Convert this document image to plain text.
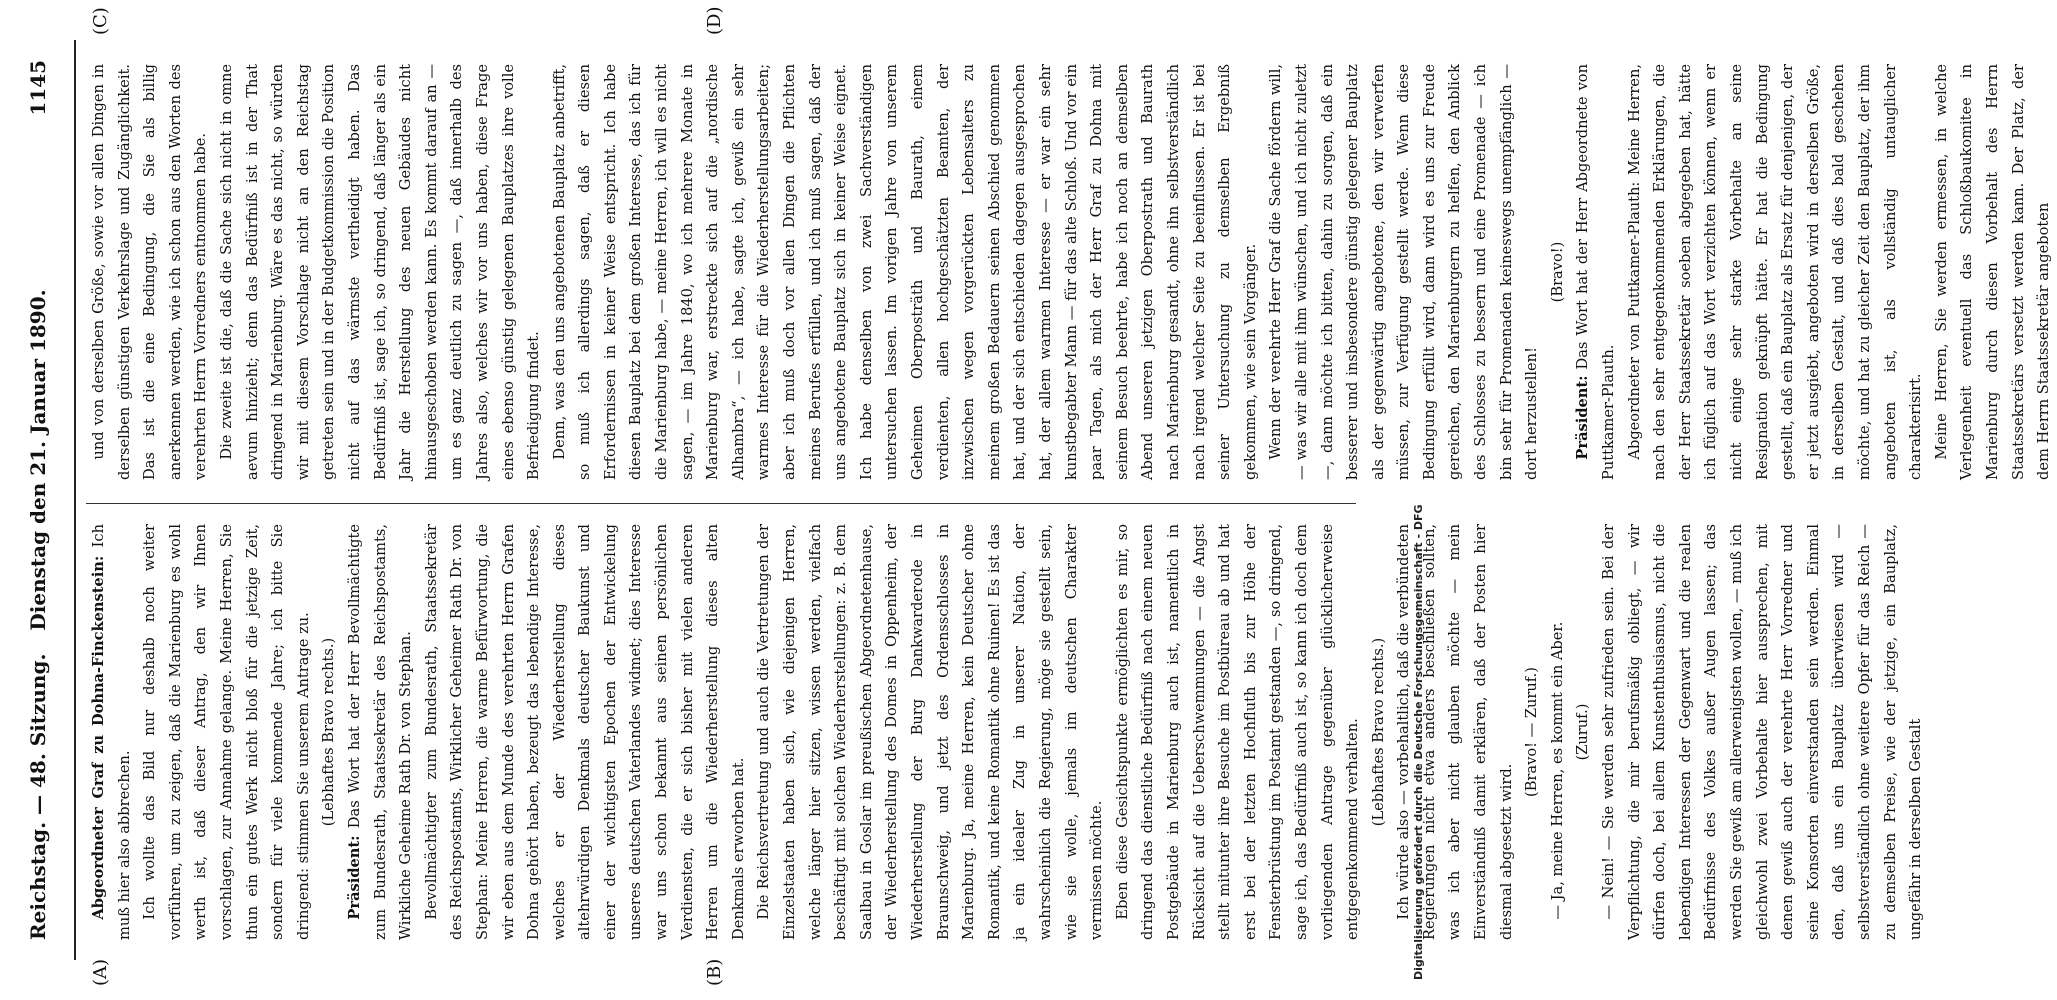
Reichstag. — 48. Sitzung.
Dienstag den 21. Januar 1890.
1145
(A)	(B)
(C)	(D)

Abgeordneter Graf zu Dohna-Finckenstein: Ich muß hier also abbrechen. Ich wollte das Bild nur deshalb noch weiter vorführen, um zu zeigen, daß die Marienburg es wohl werth ist, daß dieser Antrag, den wir Ihnen vorschlagen, zur Annahme gelange. Meine Herren, Sie thun ein gutes Werk nicht bloß für die jetzige Zeit, sondern für viele kommende Jahre; ich bitte Sie dringend: stimmen Sie unserem Antrage zu. (Lebhaftes Bravo rechts.)

Präsident: Das Wort hat der Herr Bevollmächtigte zum Bundesrath, Staatssekretär des Reichspostamts, Wirkliche Geheime Rath Dr. von Stephan. Bevollmächtigter zum Bundesrath, Staatssekretär des Reichspostamts, Wirklicher Geheimer Rath Dr. von Stephan: Meine Herren, die warme Befürwortung, die wir eben aus dem Munde des verehrten Herrn Grafen Dohna gehört haben, bezeugt das lebendige Interesse, welches er der Wiederherstellung dieses altehrwürdigen Denkmals deutscher Baukunst und einer der wichtigsten Epochen der Entwickelung unseres deutschen Vaterlandes widmet; dies Interesse war uns schon bekannt aus seinen persönlichen Verdiensten, die er sich bisher mit vielen anderen Herren um die Wiederherstellung dieses alten Denkmals erworben hat. Die Reichsvertretung und auch die Vertretungen der Einzelstaaten haben sich, wie diejenigen Herren, welche länger hier sitzen, wissen werden, vielfach beschäftigt mit solchen Wiederherstellungen: z. B. dem Saalbau in Goslar im preußischen Abgeordnetenhause, der Wiederherstellung des Domes in Oppenheim, der Wiederherstellung der Burg Dankwarderode in Braunschweig, und jetzt des Ordensschlosses in Marienburg. Ja, meine Herren, kein Deutscher ohne Romantik, und keine Romantik ohne Ruinen! Es ist das ja ein idealer Zug in unserer Nation, der wahrscheinlich die Regierung, möge sie gestellt sein, wie sie wolle, jemals im deutschen Charakter vermissen möchte. Eben diese Gesichtspunkte ermöglichten es mir, so dringend das dienstliche Bedürfniß nach einem neuen Postgebäude in Marienburg auch ist, namentlich in Rücksicht auf die Ueberschwemmungen — die Angst stellt mitunter ihre Besuche im Postbüreau ab und hat erst bei der letzten Hochfluth bis zur Höhe der Fensterbrüstung im Postamt gestanden —, so dringend, sage ich, das Bedürfniß auch ist, so kann ich doch dem vorliegenden Antrage gegenüber glücklicherweise entgegenkommend verhalten. (Lebhaftes Bravo rechts.) Ich würde also — vorbehaltlich, daß die verbündeten Regierungen nicht etwa anders beschließen sollten, was ich aber nicht glauben möchte — mein Einverständniß damit erklären, daß der Posten hier diesmal abgesetzt wird.

(Bravo! — Zuruf.) — Ja, meine Herren, es kommt ein Aber. (Zuruf.) — Nein! — Sie werden sehr zufrieden sein. Bei der Verpflichtung, die mir berufsmäßig obliegt, — wir dürfen doch, bei allem Kunstenthusiasmus, nicht die lebendigen Interessen der Gegenwart und die realen Bedürfnisse des Volkes außer Augen lassen; das werden Sie gewiß am allerwenigsten wollen, — muß ich gleichwohl zwei Vorbehalte hier aussprechen, mit denen gewiß auch der verehrte Herr Vorredner und seine Konsorten einverstanden sein werden. Einmal den, daß uns ein Bauplatz überwiesen wird — selbstverständlich ohne weitere Opfer für das Reich — zu demselben Preise, wie der jetzige, ein Bauplatz, ungefähr in derselben Gestalt

und von derselben Größe, sowie vor allen Dingen in derselben günstigen Verkehrslage und Zugänglichkeit. Das ist die eine Bedingung, die Sie als billig anerkennen werden, wie ich schon aus den Worten des verehrten Herrn Vorredners entnommen habe. Die zweite ist die, daß die Sache sich nicht in omne aevum hinzieht; denn das Bedürfniß ist in der That dringend in Marienburg. Wäre es das nicht, so würden wir mit diesem Vorschlage nicht an den Reichstag getreten sein und in der Budgetkommission die Position nicht auf das wärmste vertheidigt haben. Das Bedürfniß ist, sage ich, so dringend, daß länger als ein Jahr die Herstellung des neuen Gebäudes nicht hinausgeschoben werden kann. Es kommt darauf an — um es ganz deutlich zu sagen —, daß innerhalb des Jahres also, welches wir vor uns haben, diese Frage eines ebenso günstig gelegenen Bauplatzes ihre volle Befriedigung findet. Denn, was den uns angebotenen Bauplatz anbetrifft, so muß ich allerdings sagen, daß er diesen Erfordernissen in keiner Weise entspricht. Ich habe diesen Bauplatz bei dem großen Interesse, das ich für die Marienburg habe, — meine Herren, ich will es nicht sagen, — im Jahre 1840, wo ich mehrere Monate in Marienburg war, erstreckte sich auf die „nordische Alhambra“, — ich habe, sagte ich, gewiß ein sehr warmes Interesse für die Wiederherstellungsarbeiten; aber ich muß doch vor allen Dingen die Pflichten meines Berufes erfüllen, und ich muß sagen, daß der uns angebotene Bauplatz sich in keiner Weise eignet. Ich habe denselben von zwei Sachverständigen untersuchen lassen. Im vorigen Jahre von unserem Geheimen Oberposträth und Baurath, einem verdienten, allen hochgeschätzten Beamten, der inzwischen wegen vorgerückten Lebensalters zu meinem großen Bedauern seinen Abschied genommen hat, und der sich entschieden dagegen ausgesprochen hat, der allem warmen Interesse — er war ein sehr kunstbegabter Mann — für das alte Schloß. Und vor ein paar Tagen, als mich der Herr Graf zu Dohna mit seinem Besuch beehrte, habe ich noch an demselben Abend unseren jetzigen Oberpostrath und Baurath nach Marienburg gesandt, ohne ihn selbstverständlich nach irgend welcher Seite zu beeinflussen. Er ist bei seiner Untersuchung zu demselben Ergebniß gekommen, wie sein Vorgänger. Wenn der verehrte Herr Graf die Sache fördern will, — was wir alle mit ihm wünschen, und ich nicht zuletzt —, dann möchte ich bitten, dahin zu sorgen, daß ein besserer und insbesondere günstig gelegener Bauplatz als der gegenwärtig angebotene, den wir verwerfen müssen, zur Verfügung gestellt werde. Wenn diese Bedingung erfüllt wird, dann wird es uns zur Freude gereichen, den Marienburgern zu helfen, den Anblick des Schlosses zu bessern und eine Promenade — ich bin sehr für Promenaden keineswegs unempfänglich — dort herzustellen!

(Bravo!)

Präsident: Das Wort hat der Herr Abgeordnete von Puttkamer-Plauth. Abgeordneter von Puttkamer-Plauth: Meine Herren, nach den sehr entgegenkommenden Erklärungen, die der Herr Staatssekretär soeben abgegeben hat, hätte ich füglich auf das Wort verzichten können, wenn er nicht einige sehr starke Vorbehalte an seine Resignation geknüpft hätte. Er hat die Bedingung gestellt, daß ein Bauplatz als Ersatz für denjenigen, der er jetzt ausgiebt, angeboten wird in derselben Größe, in derselben Gestalt, und daß dies bald geschehen möchte, und hat zu gleicher Zeit den Bauplatz, der ihm angeboten ist, als vollständig untauglicher charakterisirt. Meine Herren, Sie werden ermessen, in welche Verlegenheit eventuell das Schloßbaukomitee in Marienburg durch diesen Vorbehalt des Herrn Staatssekretärs versetzt werden kann. Der Platz, der dem Herrn Staatssekretär angeboten

Digitalisierung gefördert durch die Deutsche Forschungsgemeinschaft - DFG
